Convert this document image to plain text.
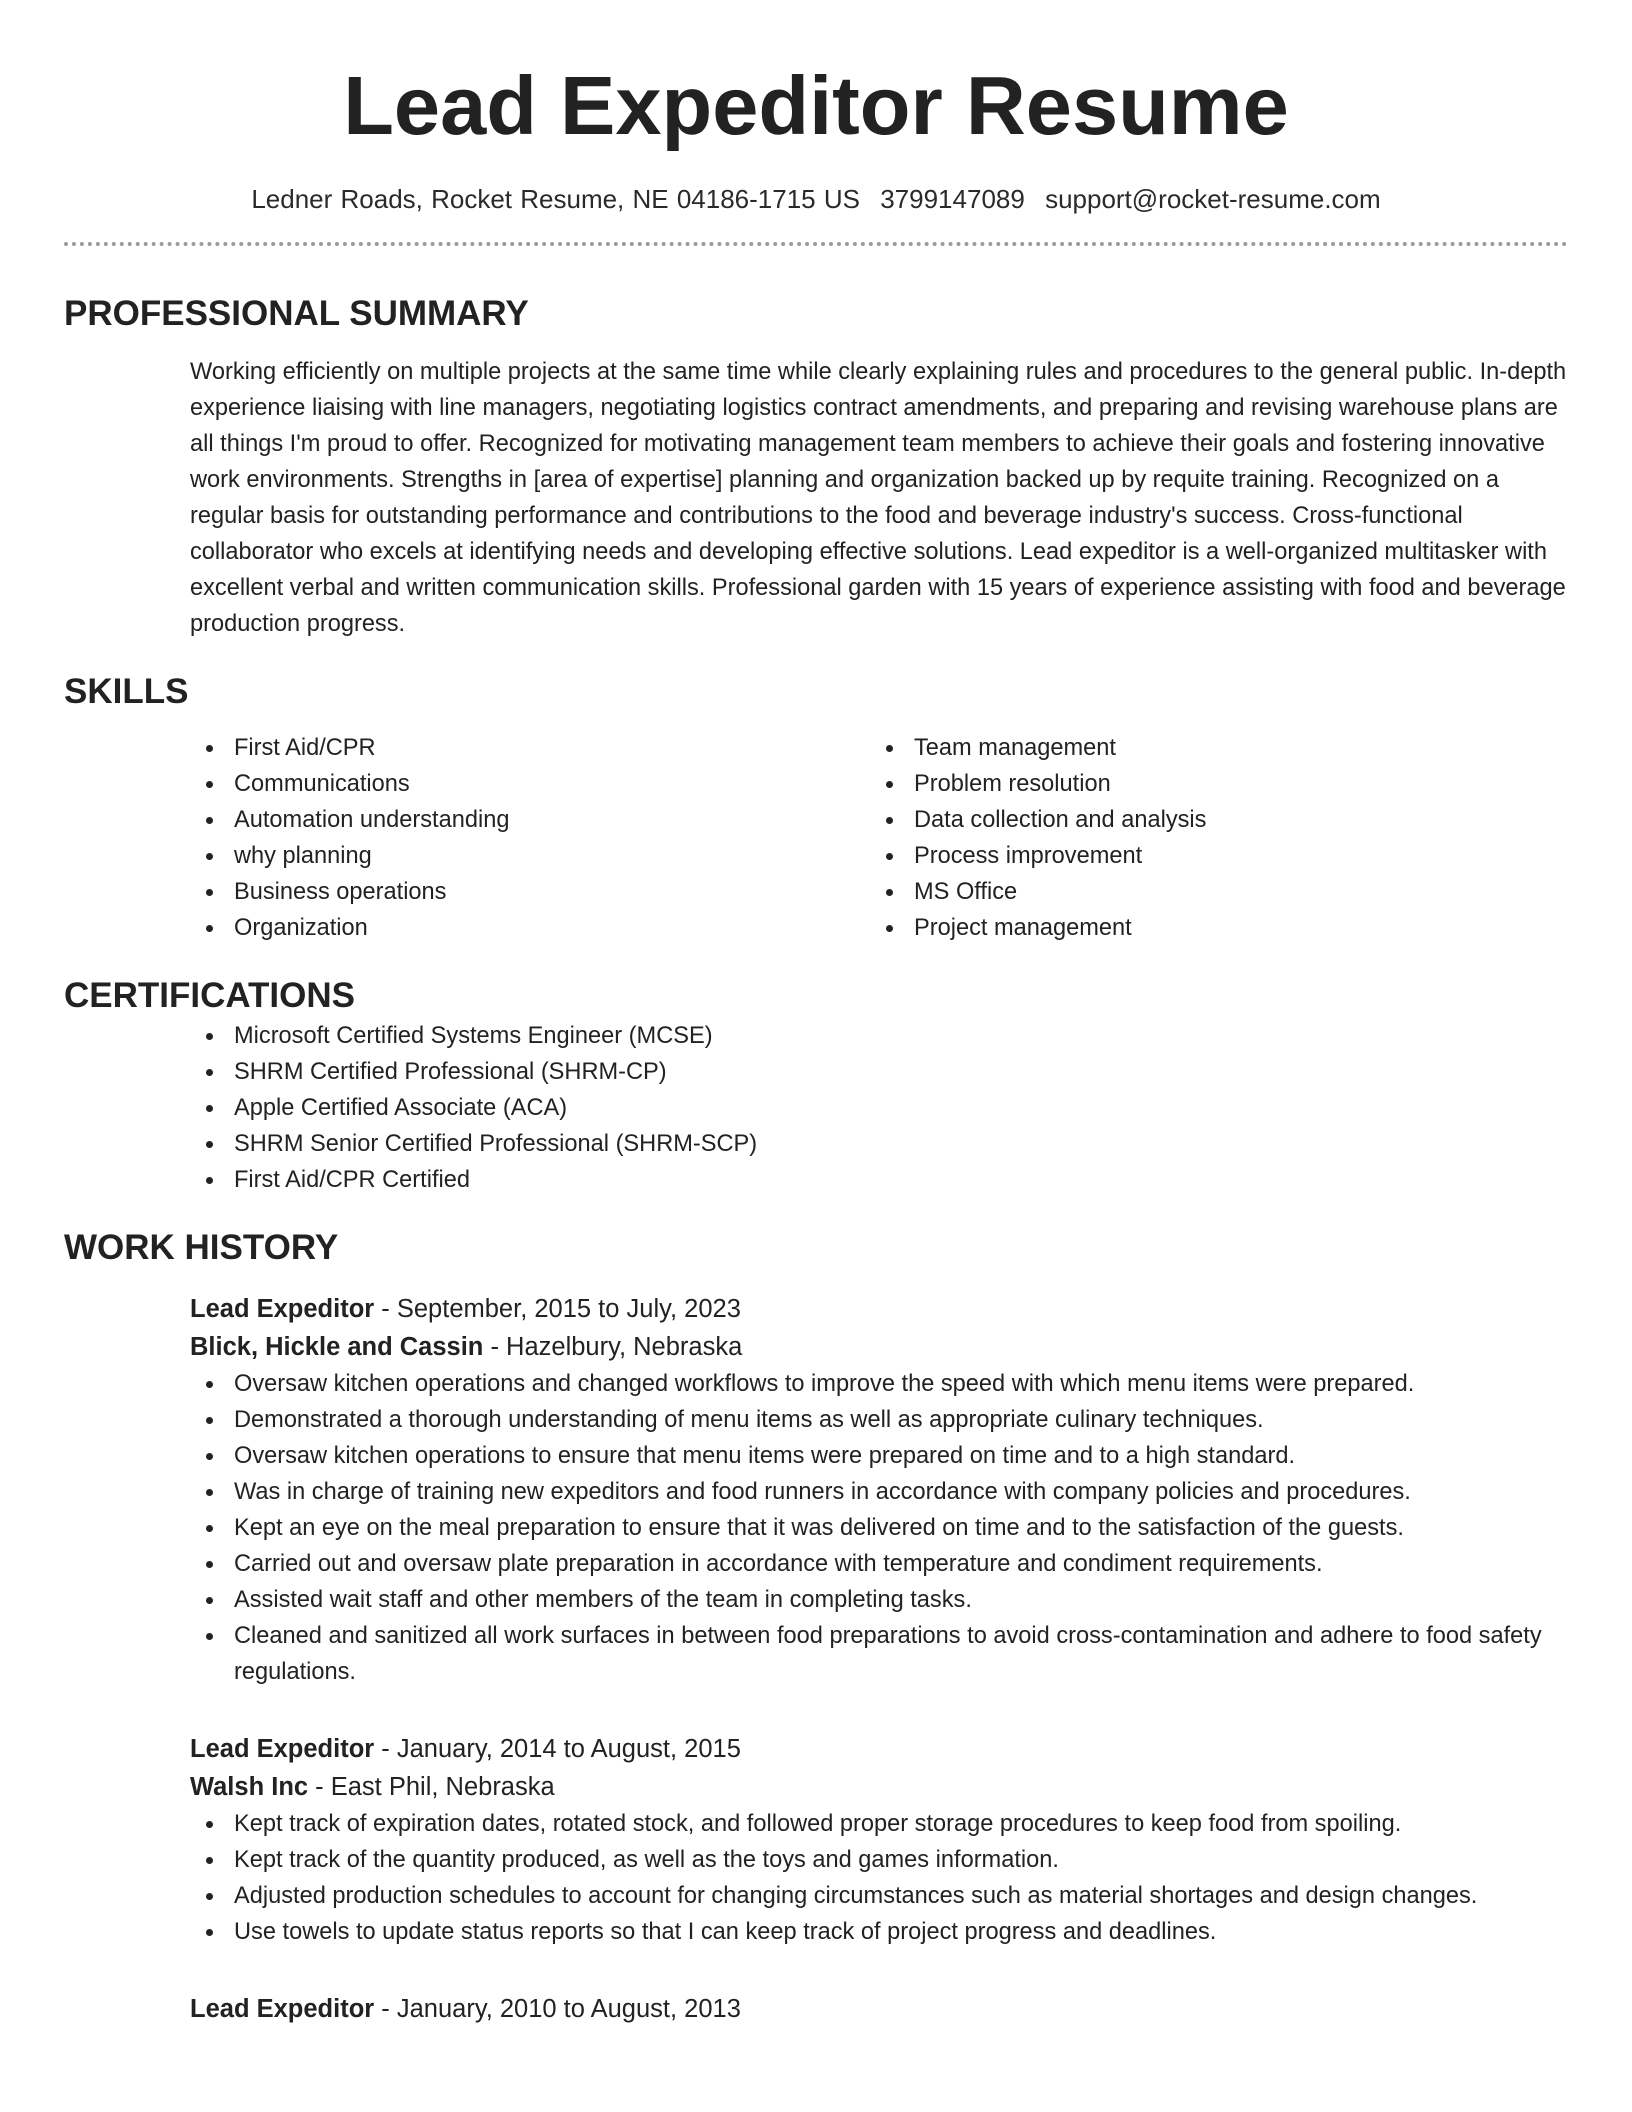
Lead Expeditor Resume
Ledner Roads, Rocket Resume, NE 04186-1715 US 3799147089 support@rocket-resume.com
PROFESSIONAL SUMMARY

Working efficiently on multiple projects at the same time while clearly explaining rules and procedures to the general public. In-depth experience liaising with line managers, negotiating logistics contract amendments, and preparing and revising warehouse plans are all things I'm proud to offer. Recognized for motivating management team members to achieve their goals and fostering innovative work environments. Strengths in [area of expertise] planning and organization backed up by requite training. Recognized on a regular basis for outstanding performance and contributions to the food and beverage industry's success. Cross-functional collaborator who excels at identifying needs and developing effective solutions. Lead expeditor is a well-organized multitasker with excellent verbal and written communication skills. Professional garden with 15 years of experience assisting with food and beverage production progress.

SKILLS
First Aid/CPR
Communications
Automation understanding
why planning
Business operations
Organization
Team management
Problem resolution
Data collection and analysis
Process improvement
MS Office
Project management
CERTIFICATIONS
Microsoft Certified Systems Engineer (MCSE)
SHRM Certified Professional (SHRM-CP)
Apple Certified Associate (ACA)
SHRM Senior Certified Professional (SHRM-SCP)
First Aid/CPR Certified
WORK HISTORY
Lead Expeditor - September, 2015 to July, 2023
Blick, Hickle and Cassin - Hazelbury, Nebraska
Oversaw kitchen operations and changed workflows to improve the speed with which menu items were prepared.
Demonstrated a thorough understanding of menu items as well as appropriate culinary techniques.
Oversaw kitchen operations to ensure that menu items were prepared on time and to a high standard.
Was in charge of training new expeditors and food runners in accordance with company policies and procedures.
Kept an eye on the meal preparation to ensure that it was delivered on time and to the satisfaction of the guests.
Carried out and oversaw plate preparation in accordance with temperature and condiment requirements.
Assisted wait staff and other members of the team in completing tasks.
Cleaned and sanitized all work surfaces in between food preparations to avoid cross-contamination and adhere to food safety regulations.
Lead Expeditor - January, 2014 to August, 2015
Walsh Inc - East Phil, Nebraska
Kept track of expiration dates, rotated stock, and followed proper storage procedures to keep food from spoiling.
Kept track of the quantity produced, as well as the toys and games information.
Adjusted production schedules to account for changing circumstances such as material shortages and design changes.
Use towels to update status reports so that I can keep track of project progress and deadlines.
Lead Expeditor - January, 2010 to August, 2013
